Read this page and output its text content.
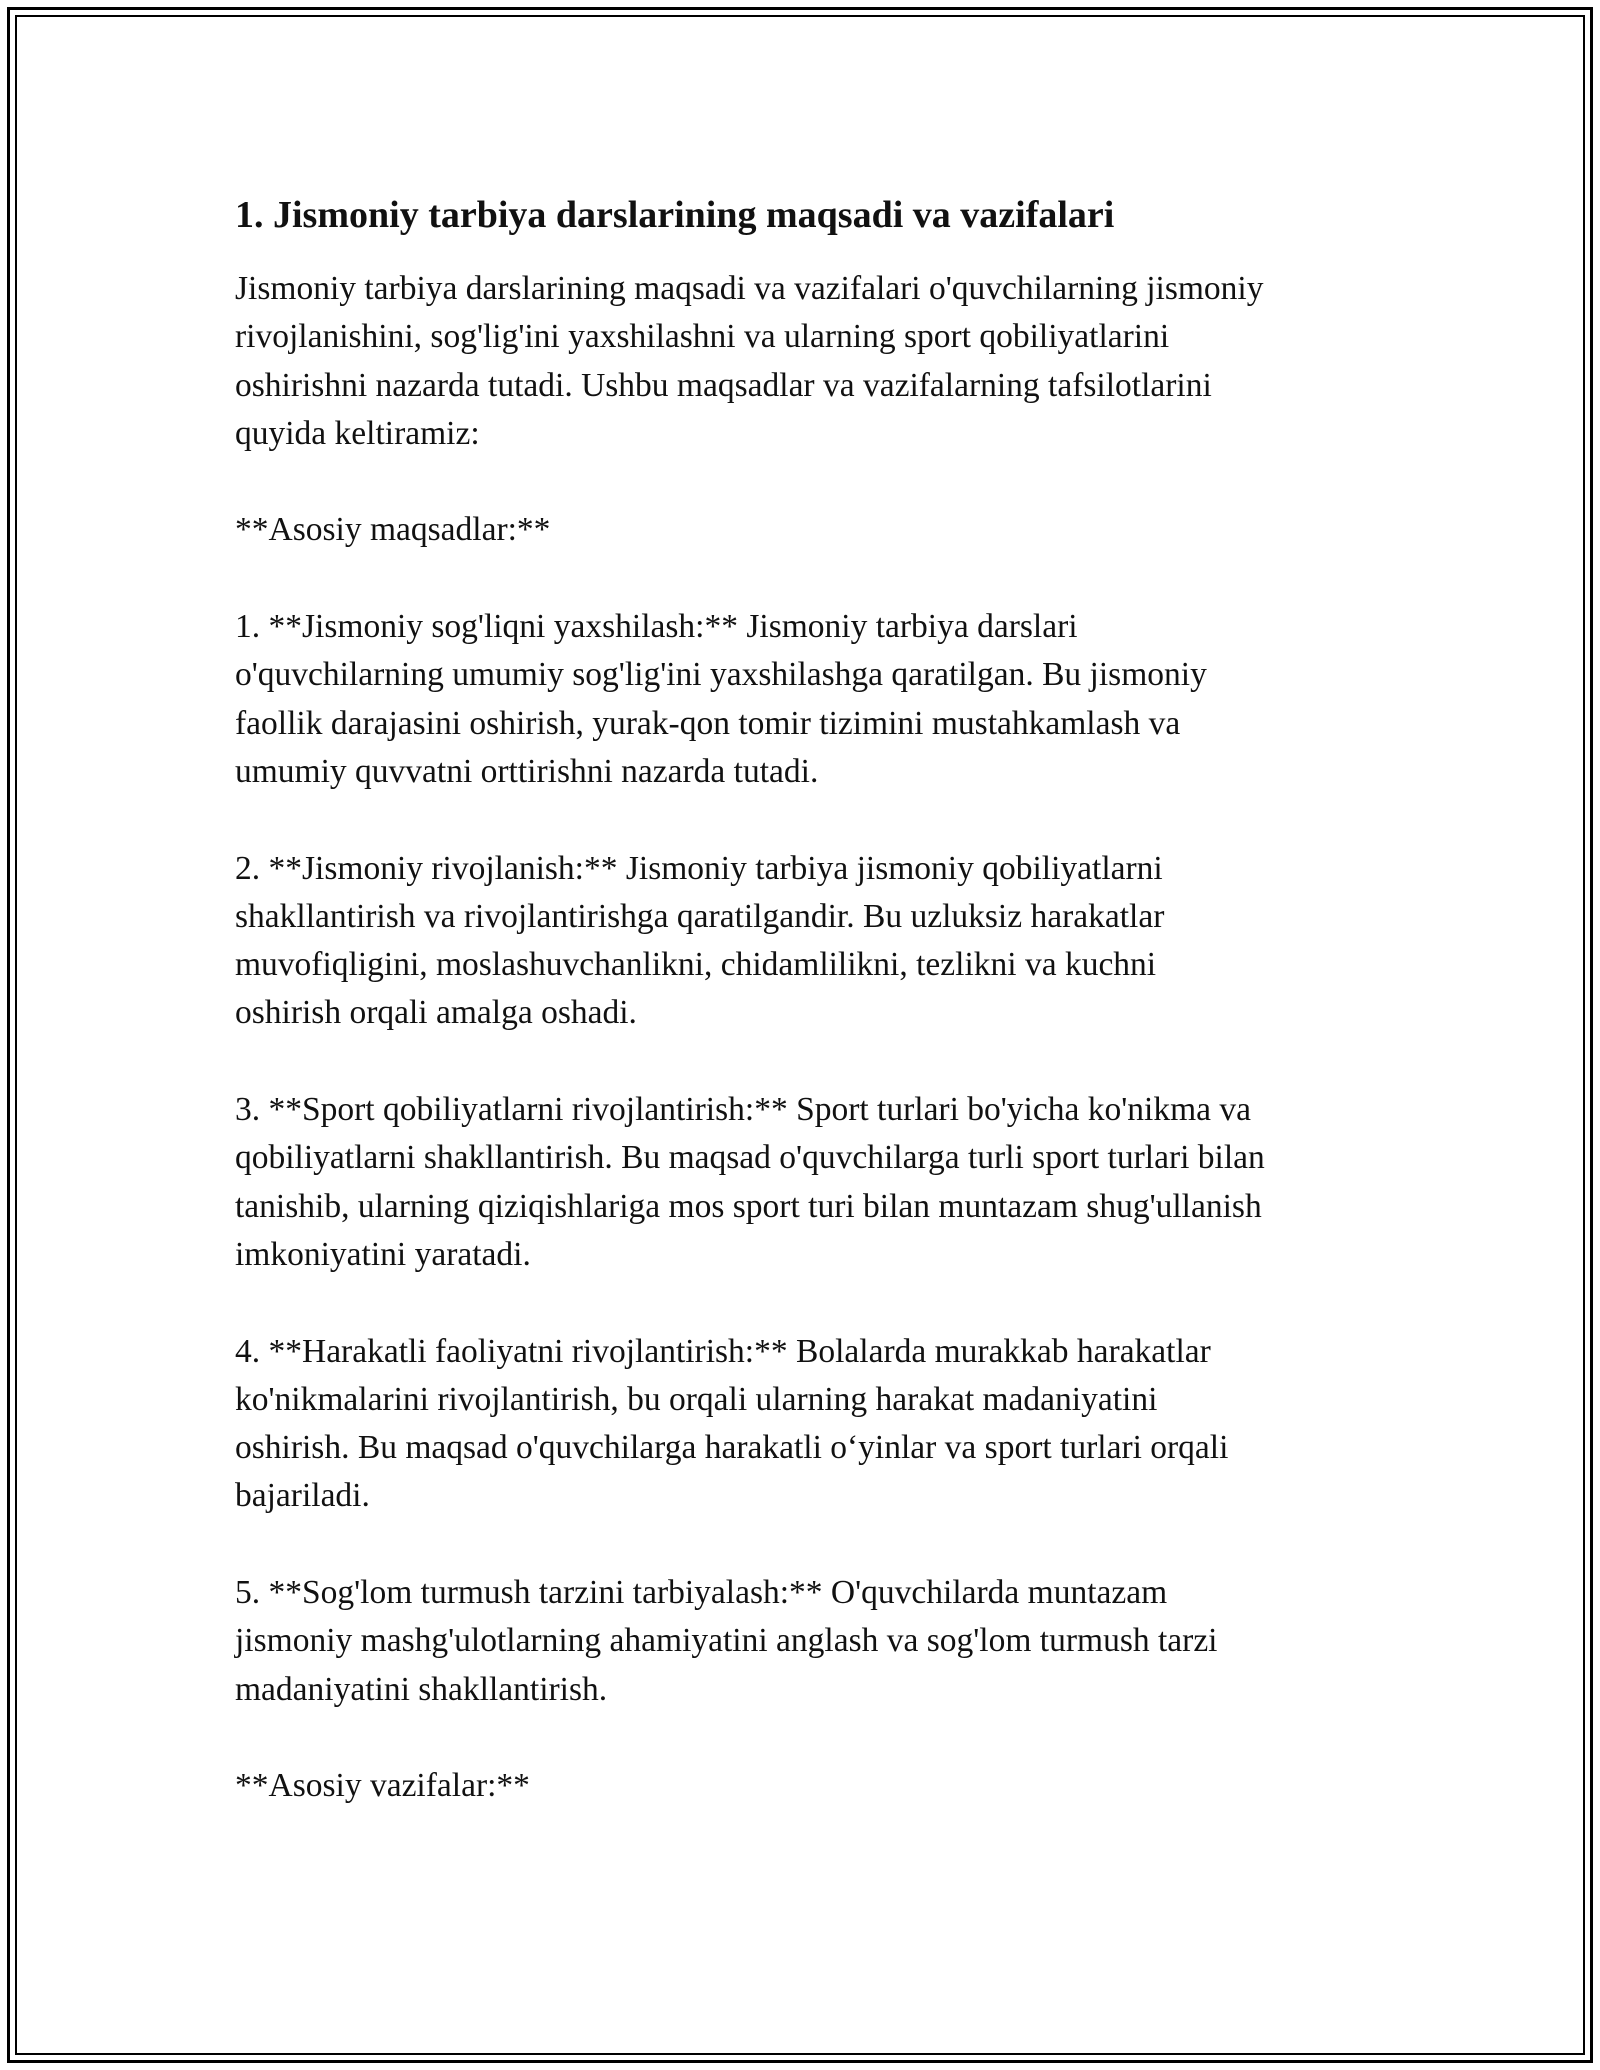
1. Jismoniy tarbiya darslarining maqsadi va vazifalari

Jismoniy tarbiya darslarining maqsadi va vazifalari o'quvchilarning jismoniy
rivojlanishini, sog'lig'ini yaxshilashni va ularning sport qobiliyatlarini
oshirishni nazarda tutadi. Ushbu maqsadlar va vazifalarning tafsilotlarini
quyida keltiramiz:

**Asosiy maqsadlar:**

1. **Jismoniy sog'liqni yaxshilash:** Jismoniy tarbiya darslari
o'quvchilarning umumiy sog'lig'ini yaxshilashga qaratilgan. Bu jismoniy
faollik darajasini oshirish, yurak-qon tomir tizimini mustahkamlash va
umumiy quvvatni orttirishni nazarda tutadi.

2. **Jismoniy rivojlanish:** Jismoniy tarbiya jismoniy qobiliyatlarni
shakllantirish va rivojlantirishga qaratilgandir. Bu uzluksiz harakatlar
muvofiqligini, moslashuvchanlikni, chidamlilikni, tezlikni va kuchni
oshirish orqali amalga oshadi.

3. **Sport qobiliyatlarni rivojlantirish:** Sport turlari bo'yicha ko'nikma va
qobiliyatlarni shakllantirish. Bu maqsad o'quvchilarga turli sport turlari bilan
tanishib, ularning qiziqishlariga mos sport turi bilan muntazam shug'ullanish
imkoniyatini yaratadi.

4. **Harakatli faoliyatni rivojlantirish:** Bolalarda murakkab harakatlar
ko'nikmalarini rivojlantirish, bu orqali ularning harakat madaniyatini
oshirish. Bu maqsad o'quvchilarga harakatli o‘yinlar va sport turlari orqali
bajariladi.

5. **Sog'lom turmush tarzini tarbiyalash:** O'quvchilarda muntazam
jismoniy mashg'ulotlarning ahamiyatini anglash va sog'lom turmush tarzi
madaniyatini shakllantirish.

**Asosiy vazifalar:**
